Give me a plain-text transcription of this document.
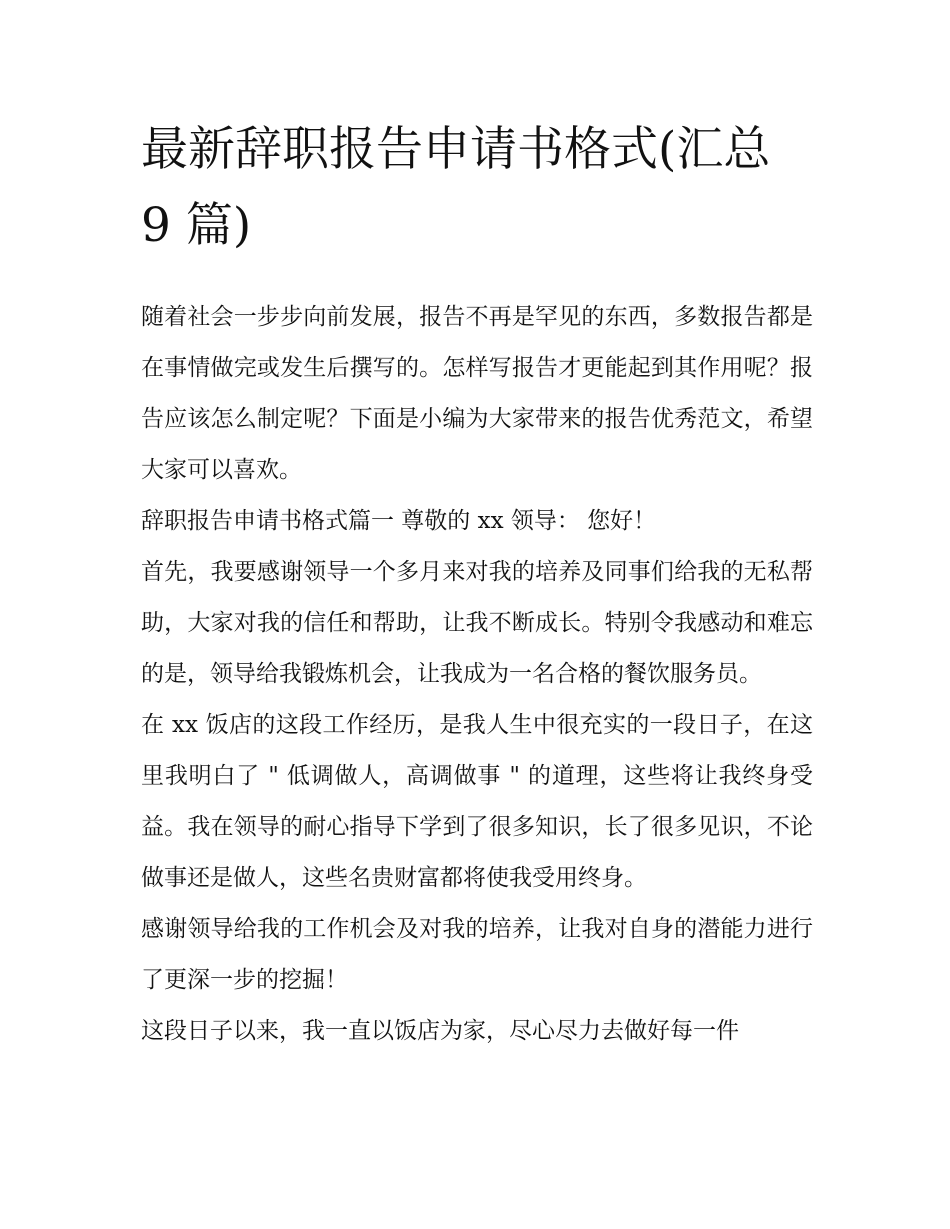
最新辞职报告申请书格式(汇总 9 篇)

随着社会一步步向前发展，报告不再是罕见的东西，多数报告都是在事情做完或发生后撰写的。怎样写报告才更能起到其作用呢？报告应该怎么制定呢？下面是小编为大家带来的报告优秀范文，希望大家可以喜欢。

辞职报告申请书格式篇一 尊敬的 xx 领导： 您好！

首先，我要感谢领导一个多月来对我的培养及同事们给我的无私帮助，大家对我的信任和帮助，让我不断成长。特别令我感动和难忘的是，领导给我锻炼机会，让我成为一名合格的餐饮服务员。

在 xx 饭店的这段工作经历，是我人生中很充实的一段日子，在这里我明白了 " 低调做人，高调做事 " 的道理，这些将让我终身受益。我在领导的耐心指导下学到了很多知识，长了很多见识，不论做事还是做人，这些名贵财富都将使我受用终身。

感谢领导给我的工作机会及对我的培养，让我对自身的潜能力进行了更深一步的挖掘！

这段日子以来，我一直以饭店为家，尽心尽力去做好每一件
